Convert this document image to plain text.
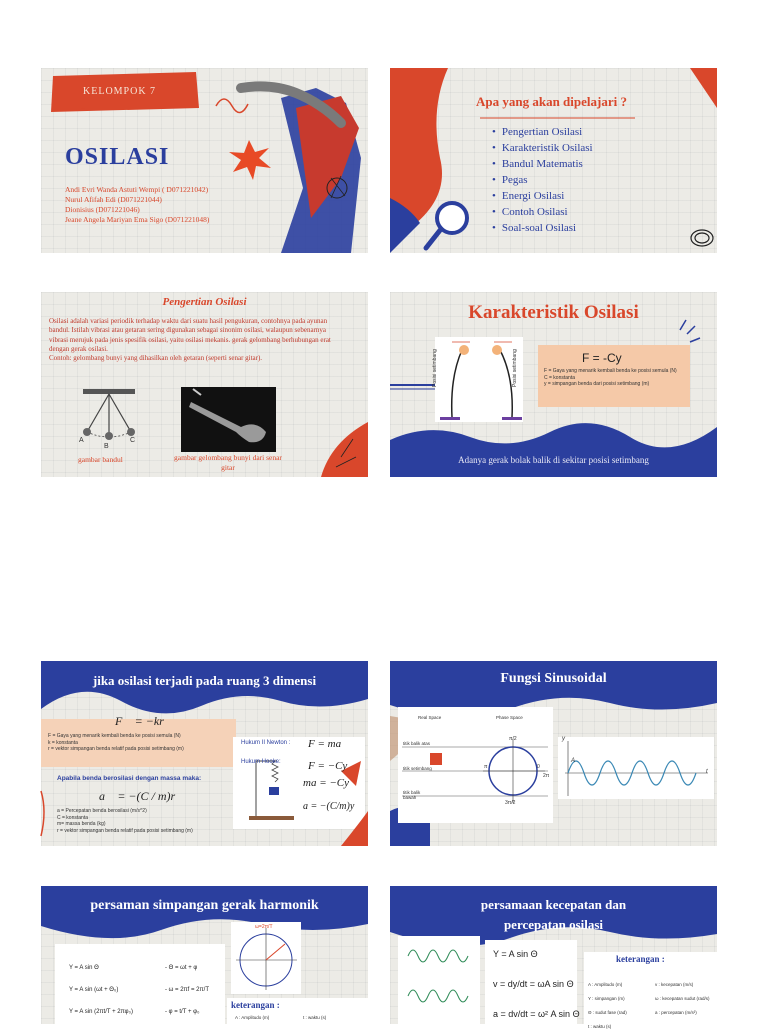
KELOMPOK 7
~
OSILASI
Andi Evri Wanda Astuti Wempi ( D071221042)
Nurul Afifah Edi (D071221044)
Dionisius (D071221046)
Jeane Angela Mariyan Ema Sigo (D071221048)
Apa yang akan dipelajari ?
• Pengertian Osilasi
• Karakteristik Osilasi
• Bandul Matematis
• Pegas
• Energi Osilasi
• Contoh Osilasi
• Soal-soal Osilasi
Pengertian Osilasi
Osilasi adalah variasi periodik terhadap waktu dari suatu hasil pengukuran, contohnya pada ayunan bandul. Istilah vibrasi atau getaran sering digunakan sebagai sinonim osilasi, walaupun sebenarnya vibrasi merujuk pada jenis spesifik osilasi, yaitu osilasi mekanis. gerak gelombang berhubungan erat dengan gerak osilasi.
Contoh: gelombang bunyi yang dihasilkan oleh getaran (seperti senar gitar).
A
B
C
gambar bandul	gambar gelombang bunyi dari senar gitar
Karakteristik Osilasi
Posisi setimbang	Posisi setimbang	F = -Cy
F = Gaya yang menarik kembali benda ke posisi semula (N)
C = konstanta
y = simpangan benda dari posisi setimbang (m)
Adanya gerak bolak balik di sekitar posisi setimbang
jika osilasi terjadi pada ruang 3 dimensi
F⃗ = −kr⃗
F = Gaya yang menarik kembali benda ke posisi semula (N)
k = konstanta
r = vektor simpangan benda relatif pada posisi setimbang (m)
Apabila benda berosilasi dengan massa maka:
a⃗ = −(C / m)r⃗
a = Percepatan benda berosilasi (m/s^2)
C = konstanta
m= massa benda (kg)
r = vektor simpangan benda relatif pada posisi setimbang (m)
Hukum II Newton : F = ma
Hukum Hooke: F = −Cy
ma = −Cy
a = −(C/m)y
Fungsi Sinusoidal
Real Space	Phase Space
titik balik atas
titik setimbang
titik balik bawah
π/2
π	0
3π/2
2π
y
t
A
persaman simpangan gerak harmonik
ω=2π/T
Y = A sin Θ
Y = A sin (ωt + Θ₀)
Y = A sin (2πt/T + 2πφ₀)
- Θ = ωt + φ
- ω = 2πf = 2π/T
- φ = t/T + φ₀
keterangan :
A : Amplitudo (m)	t : waktu (s)
persamaan kecepatan dan
percepatan osilasi
Y = A sin Θ
v = dy/dt = ωA sin Θ
a = dv/dt = ω² A sin Θ
keterangan :
A : Amplitudo (m)
Y : simpangan (m)
Θ : sudut fase (rad)
t : waktu (s)
v : kecepatan (m/s)
ω : kecepatan sudut (rad/s)
a : percepatan (m/s²)
